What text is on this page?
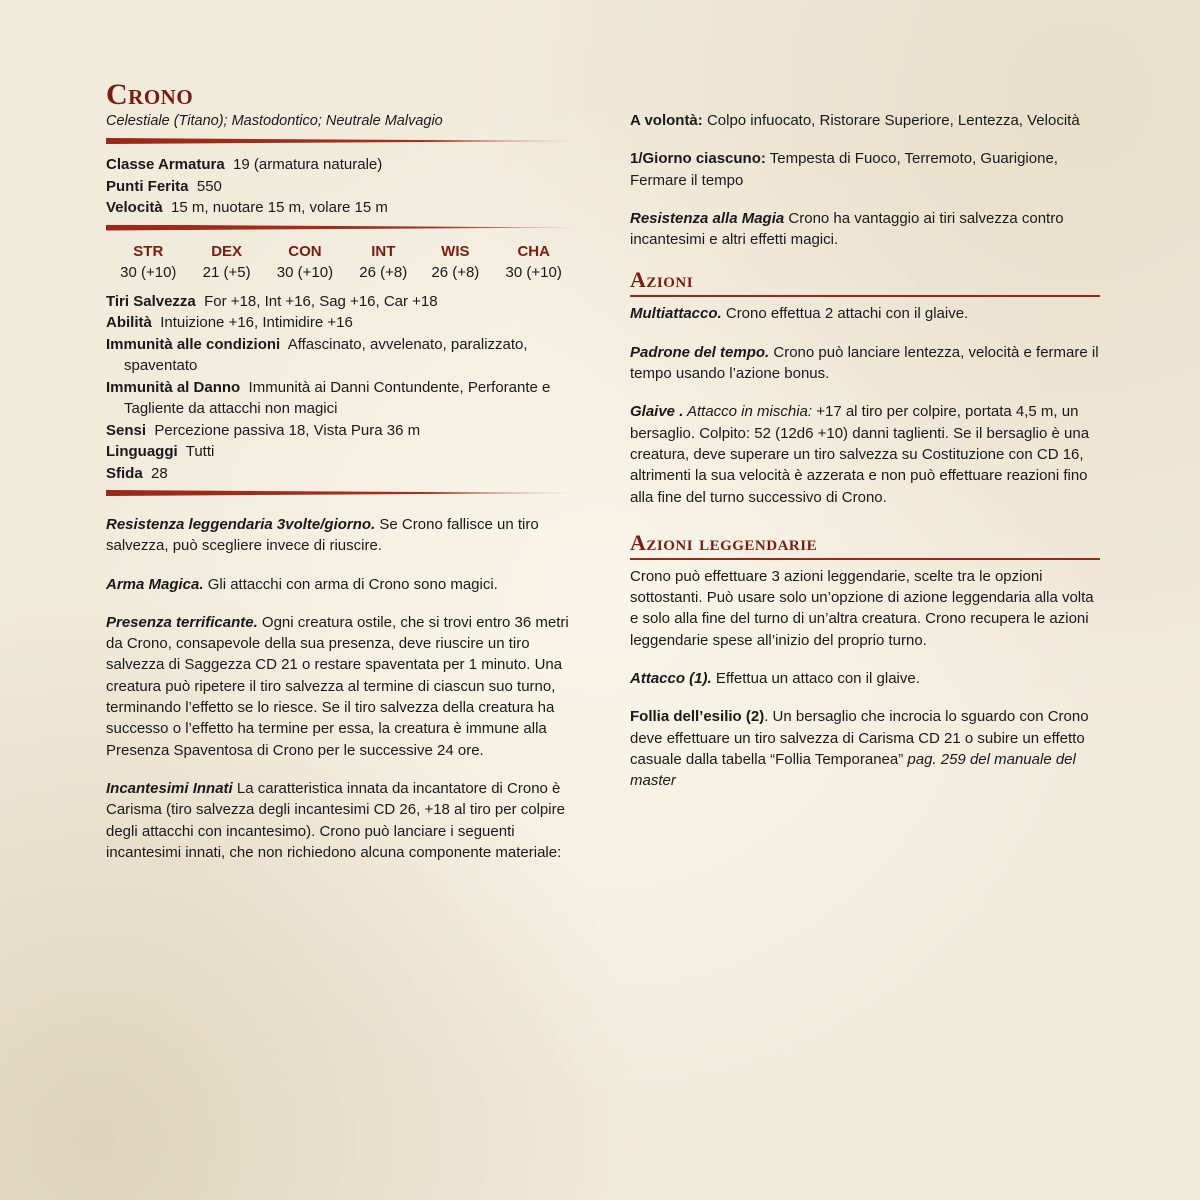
Crono

Celestiale (Titano); Mastodontico; Neutrale Malvagio

Classe Armatura 19 (armatura naturale)

Punti Ferita 550

Velocità 15 m, nuotare 15 m, volare 15 m

STR	DEX	CON	INT	WIS	CHA
30 (+10)	21 (+5)	30 (+10)	26 (+8)	26 (+8)	30 (+10)

Tiri Salvezza For +18, Int +16, Sag +16, Car +18

Abilità Intuizione +16, Intimidire +16

Immunità alle condizioni Affascinato, avvelenato, paralizzato, spaventato

Immunità al Danno Immunità ai Danni Contundente, Perforante e Tagliente da attacchi non magici

Sensi Percezione passiva 18, Vista Pura 36 m

Linguaggi Tutti

Sfida 28

Resistenza leggendaria 3volte/giorno. Se Crono fallisce un tiro salvezza, può scegliere invece di riuscire.

Arma Magica. Gli attacchi con arma di Crono sono magici.

Presenza terrificante. Ogni creatura ostile, che si trovi entro 36 metri da Crono, consapevole della sua presenza, deve riuscire un tiro salvezza di Saggezza CD 21 o restare spaventata per 1 minuto. Una creatura può ripetere il tiro salvezza al termine di ciascun suo turno, terminando l’effetto se lo riesce. Se il tiro salvezza della creatura ha successo o l’effetto ha termine per essa, la creatura è immune alla Presenza Spaventosa di Crono per le successive 24 ore.

Incantesimi Innati La caratteristica innata da incantatore di Crono è Carisma (tiro salvezza degli incantesimi CD 26, +18 al tiro per colpire degli attacchi con incantesimo). Crono può lanciare i seguenti incantesimi innati, che non richiedono alcuna componente materiale:

A volontà: Colpo infuocato, Ristorare Superiore, Lentezza, Velocità

1/Giorno ciascuno: Tempesta di Fuoco, Terremoto, Guarigione, Fermare il tempo

Resistenza alla Magia Crono ha vantaggio ai tiri salvezza contro incantesimi e altri effetti magici.

Azioni

Multiattacco. Crono effettua 2 attachi con il glaive.

Padrone del tempo. Crono può lanciare lentezza, velocità e fermare il tempo usando l’azione bonus.

Glaive . Attacco in mischia: +17 al tiro per colpire, portata 4,5 m, un bersaglio. Colpito: 52 (12d6 +10) danni taglienti. Se il bersaglio è una creatura, deve superare un tiro salvezza su Costituzione con CD 16, altrimenti la sua velocità è azzerata e non può effettuare reazioni fino alla fine del turno successivo di Crono.

Azioni leggendarie

Crono può effettuare 3 azioni leggendarie, scelte tra le opzioni sottostanti. Può usare solo un’opzione di azione leggendaria alla volta e solo alla fine del turno di un’altra creatura. Crono recupera le azioni leggendarie spese all’inizio del proprio turno.

Attacco (1). Effettua un attaco con il glaive.

Follia dell’esilio (2). Un bersaglio che incrocia lo sguardo con Crono deve effettuare un tiro salvezza di Carisma CD 21 o subire un effetto casuale dalla tabella “Follia Temporanea” pag. 259 del manuale del master
